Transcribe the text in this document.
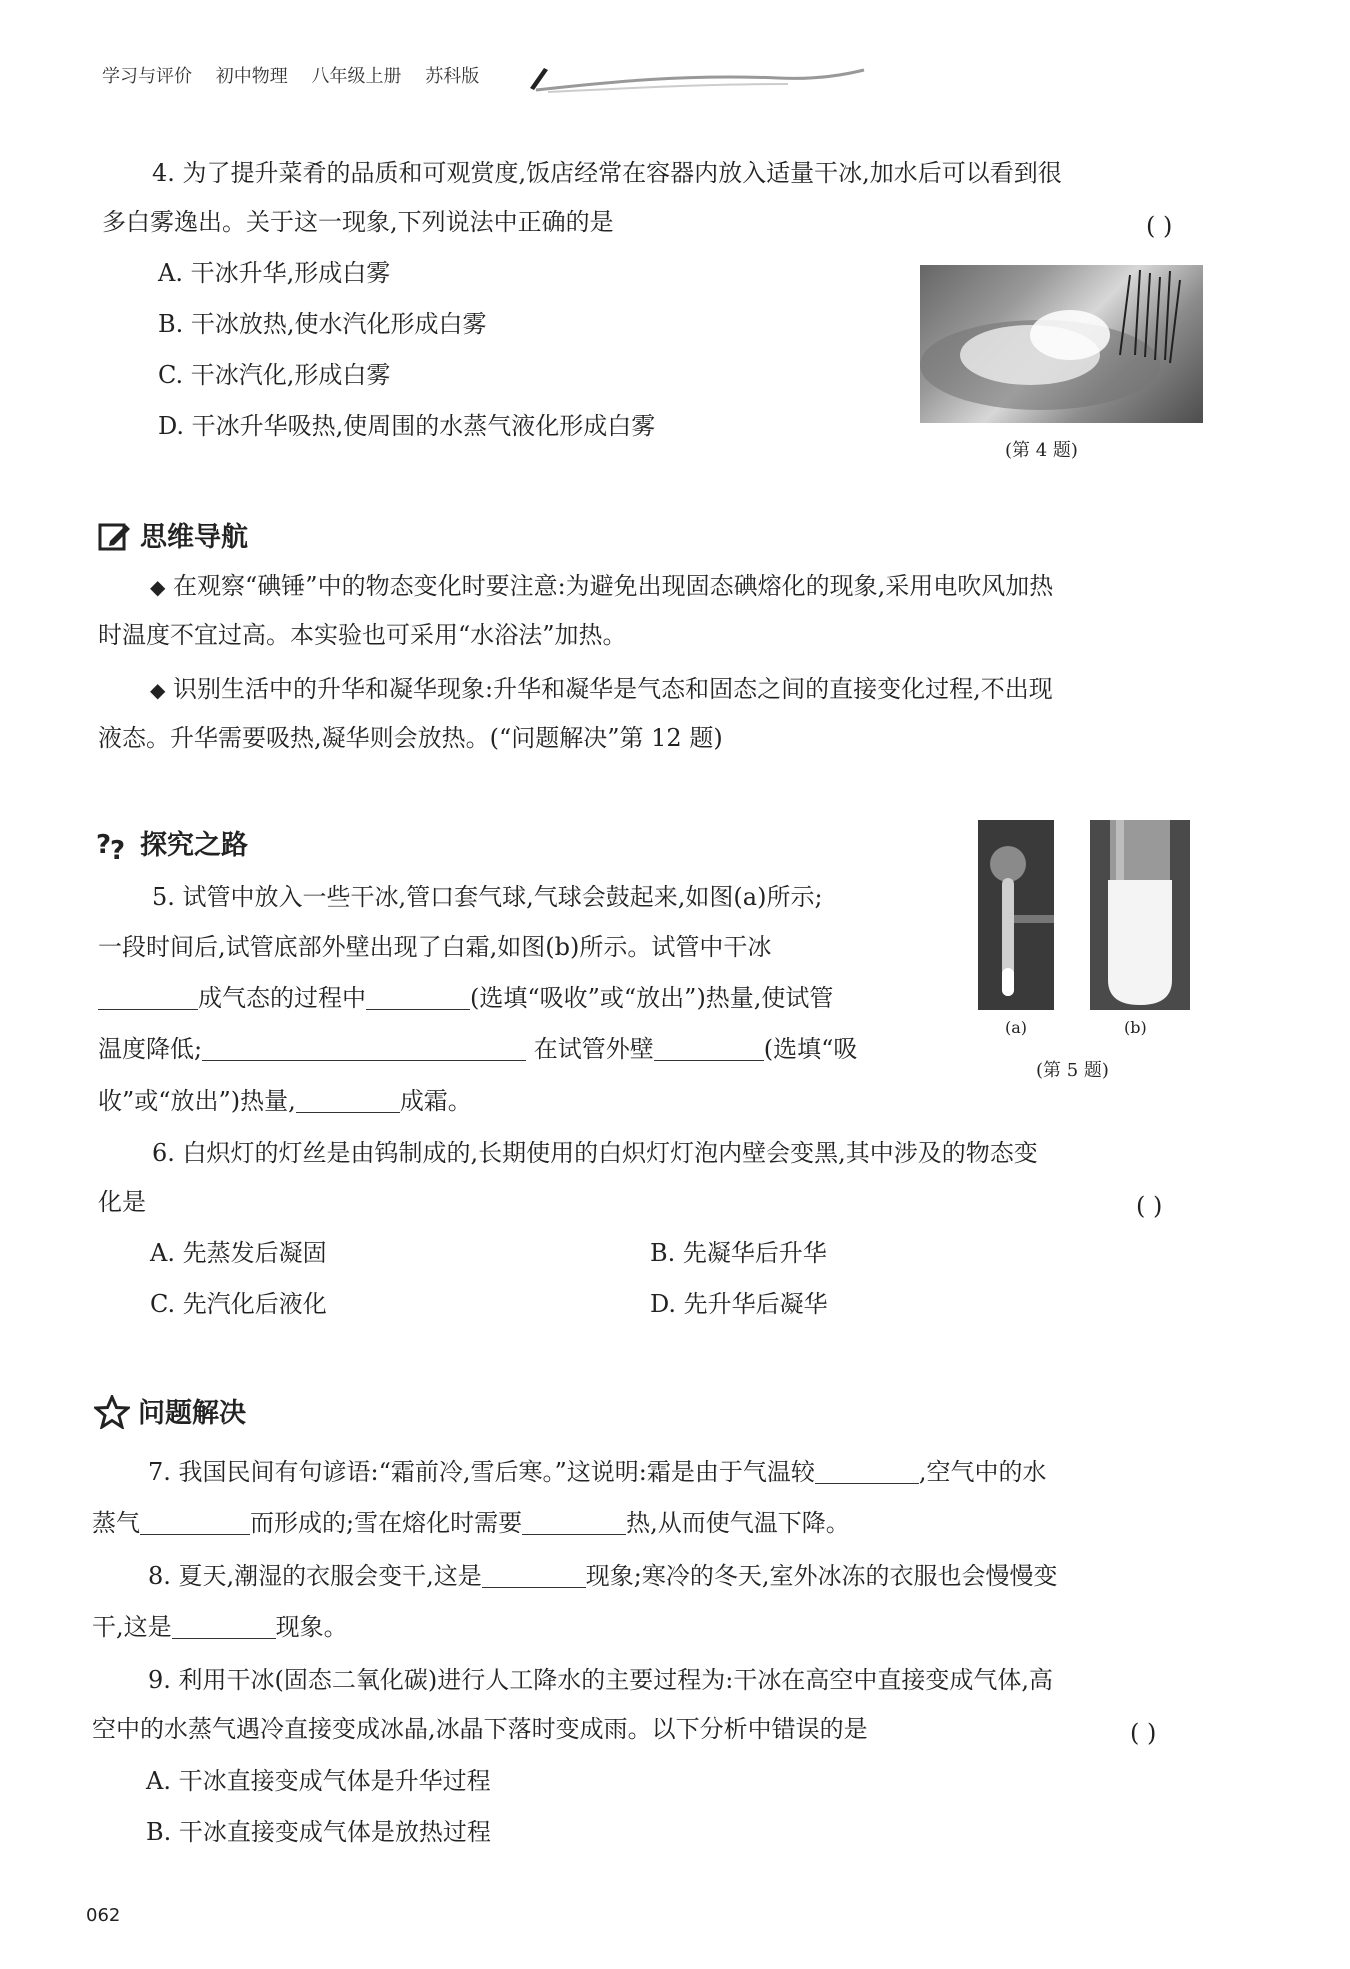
学习与评价 初中物理 八年级上册 苏科版
4. 为了提升菜肴的品质和可观赏度,饭店经常在容器内放入适量干冰,加水后可以看到很
多白雾逸出。关于这一现象,下列说法中正确的是	( )
A. 干冰升华,形成白雾
B. 干冰放热,使水汽化形成白雾
C. 干冰汽化,形成白雾
D. 干冰升华吸热,使周围的水蒸气液化形成白雾
(第 4 题)
思维导航
◆ 在观察“碘锤”中的物态变化时要注意:为避免出现固态碘熔化的现象,采用电吹风加热
时温度不宜过高。本实验也可采用“水浴法”加热。
◆ 识别生活中的升华和凝华现象:升华和凝华是气态和固态之间的直接变化过程,不出现
液态。升华需要吸热,凝华则会放热。(“问题解决”第 12 题)
?
? 探究之路
5. 试管中放入一些干冰,管口套气球,气球会鼓起来,如图(a)所示;
一段时间后,试管底部外壁出现了白霜,如图(b)所示。试管中干冰
成气态的过程中	(选填“吸收”或“放出”)热量,使试管
温度降低;	在试管外壁	(选填“吸
收”或“放出”)热量,	成霜。
(a)	(b)
(第 5 题)
6. 白炽灯的灯丝是由钨制成的,长期使用的白炽灯灯泡内壁会变黑,其中涉及的物态变
化是	( )
A. 先蒸发后凝固	B. 先凝华后升华
C. 先汽化后液化	D. 先升华后凝华
问题解决
7. 我国民间有句谚语:“霜前冷,雪后寒。”这说明:霜是由于气温较	,空气中的水
蒸气	而形成的;雪在熔化时需要	热,从而使气温下降。
8. 夏天,潮湿的衣服会变干,这是	现象;寒冷的冬天,室外冰冻的衣服也会慢慢变
干,这是	现象。
9. 利用干冰(固态二氧化碳)进行人工降水的主要过程为:干冰在高空中直接变成气体,高
空中的水蒸气遇冷直接变成冰晶,冰晶下落时变成雨。以下分析中错误的是	( )
A. 干冰直接变成气体是升华过程
B. 干冰直接变成气体是放热过程
062
